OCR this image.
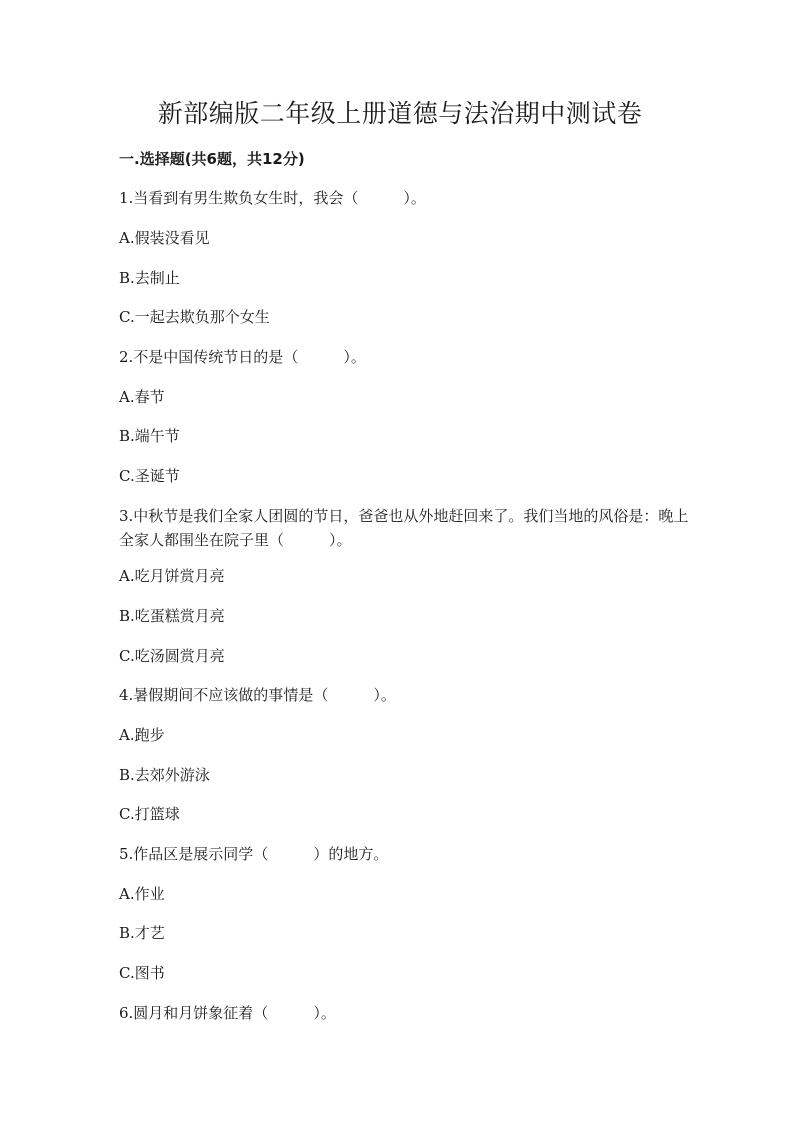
新部编版二年级上册道德与法治期中测试卷
一.选择题(共6题，共12分)
1.当看到有男生欺负女生时，我会（　　　）。
A.假装没看见
B.去制止
C.一起去欺负那个女生
2.不是中国传统节日的是（　　　）。
A.春节
B.端午节
C.圣诞节
3.中秋节是我们全家人团圆的节日，爸爸也从外地赶回来了。我们当地的风俗是：晚上全家人都围坐在院子里（　　　）。
A.吃月饼赏月亮
B.吃蛋糕赏月亮
C.吃汤圆赏月亮
4.暑假期间不应该做的事情是（　　　）。
A.跑步
B.去郊外游泳
C.打篮球
5.作品区是展示同学（　　　）的地方。
A.作业
B.才艺
C.图书
6.圆月和月饼象征着（　　　）。
